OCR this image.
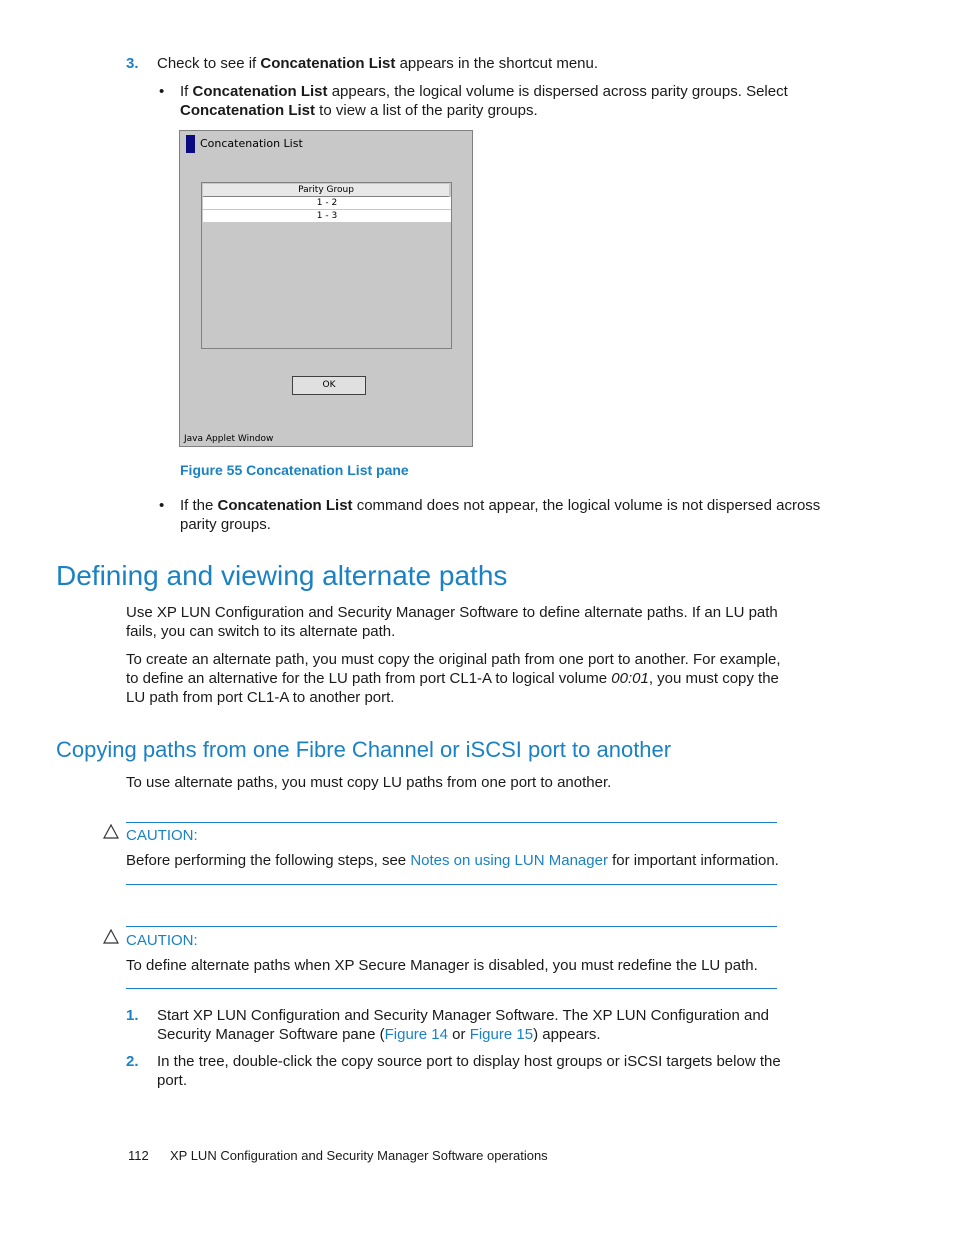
3. Check to see if Concatenation List appears in the shortcut menu.
• If Concatenation List appears, the logical volume is dispersed across parity groups. Select
Concatenation List to view a list of the parity groups.
Concatenation List
Parity Group
1 - 2
1 - 3
OK
Java Applet Window
Figure 55 Concatenation List pane
• If the Concatenation List command does not appear, the logical volume is not dispersed across
parity groups.
Defining and viewing alternate paths
Use XP LUN Configuration and Security Manager Software to define alternate paths. If an LU path
fails, you can switch to its alternate path.
To create an alternate path, you must copy the original path from one port to another. For example,
to define an alternative for the LU path from port CL1-A to logical volume 00:01, you must copy the
LU path from port CL1-A to another port.
Copying paths from one Fibre Channel or iSCSI port to another
To use alternate paths, you must copy LU paths from one port to another.
CAUTION:
Before performing the following steps, see Notes on using LUN Manager for important information.
CAUTION:
To define alternate paths when XP Secure Manager is disabled, you must redefine the LU path.
1. Start XP LUN Configuration and Security Manager Software. The XP LUN Configuration and
Security Manager Software pane (Figure 14 or Figure 15) appears.
2. In the tree, double-click the copy source port to display host groups or iSCSI targets below the
port.
112 XP LUN Configuration and Security Manager Software operations
